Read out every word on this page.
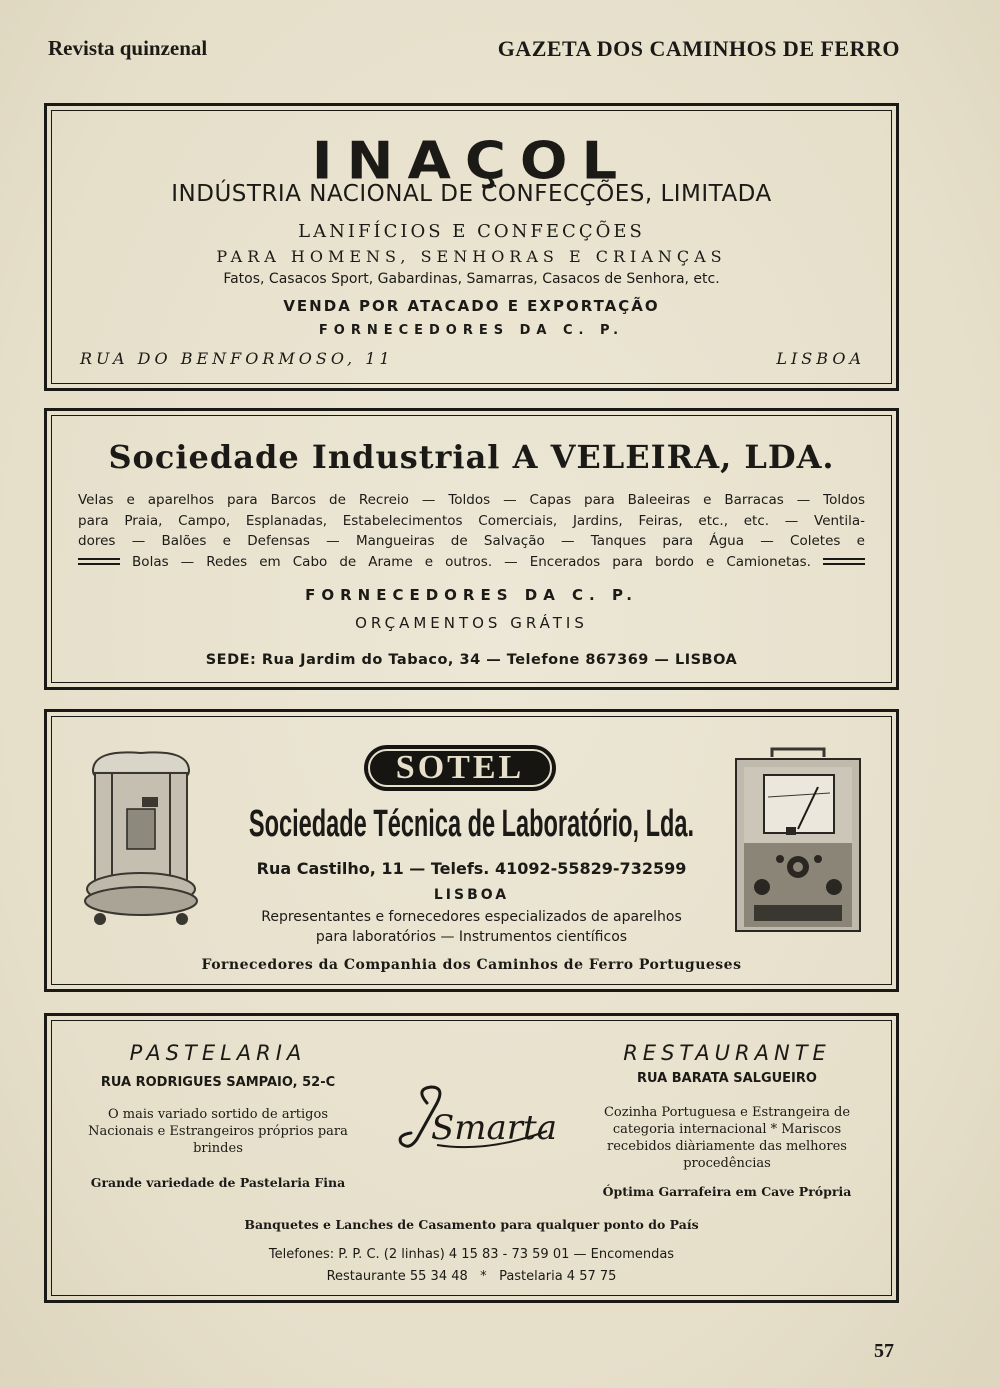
Revista quinzenal	GAZETA DOS CAMINHOS DE FERRO
INAÇOL
INDÚSTRIA NACIONAL DE CONFECÇÕES, LIMITADA
LANIFÍCIOS E CONFECÇÕES
PARA HOMENS, SENHORAS E CRIANÇAS
Fatos, Casacos Sport, Gabardinas, Samarras, Casacos de Senhora, etc.
VENDA POR ATACADO E EXPORTAÇÃO
FORNECEDORES DA C. P.
RUA DO BENFORMOSO, 11	LISBOA
Sociedade Industrial A VELEIRA, LDA.
Velas e aparelhos para Barcos de Recreio — Toldos — Capas para Baleeiras e Barracas — Toldos
para Praia, Campo, Esplanadas, Estabelecimentos Comerciais, Jardins, Feiras, etc., etc. — Ventila-
dores — Balões e Defensas — Mangueiras de Salvação — Tanques para Água — Coletes e
Bolas — Redes em Cabo de Arame e outros. — Encerados para bordo e Camionetas.
FORNECEDORES DA C. P.
ORÇAMENTOS GRÁTIS
SEDE: Rua Jardim do Tabaco, 34 — Telefone 867369 — LISBOA
SOTEL
Sociedade Técnica de Laboratório, Lda.
Rua Castilho, 11 — Telefs. 41092-55829-732599
LISBOA
Representantes e fornecedores especializados de aparelhos
para laboratórios — Instrumentos científicos
Fornecedores da Companhia dos Caminhos de Ferro Portugueses
PASTELARIA
RUA RODRIGUES SAMPAIO, 52-C
O mais variado sortido de artigos
Nacionais e Estrangeiros próprios para
brindes
Grande variedade de Pastelaria Fina
Smarta
RESTAURANTE
RUA BARATA SALGUEIRO
Cozinha Portuguesa e Estrangeira de
categoria internacional * Mariscos
recebidos diàriamente das melhores
procedências
Óptima Garrafeira em Cave Própria
Banquetes e Lanches de Casamento para qualquer ponto do País
Telefones: P. P. C. (2 linhas) 4 15 83 - 73 59 01 — Encomendas
Restaurante 55 34 48   *   Pastelaria 4 57 75
57
